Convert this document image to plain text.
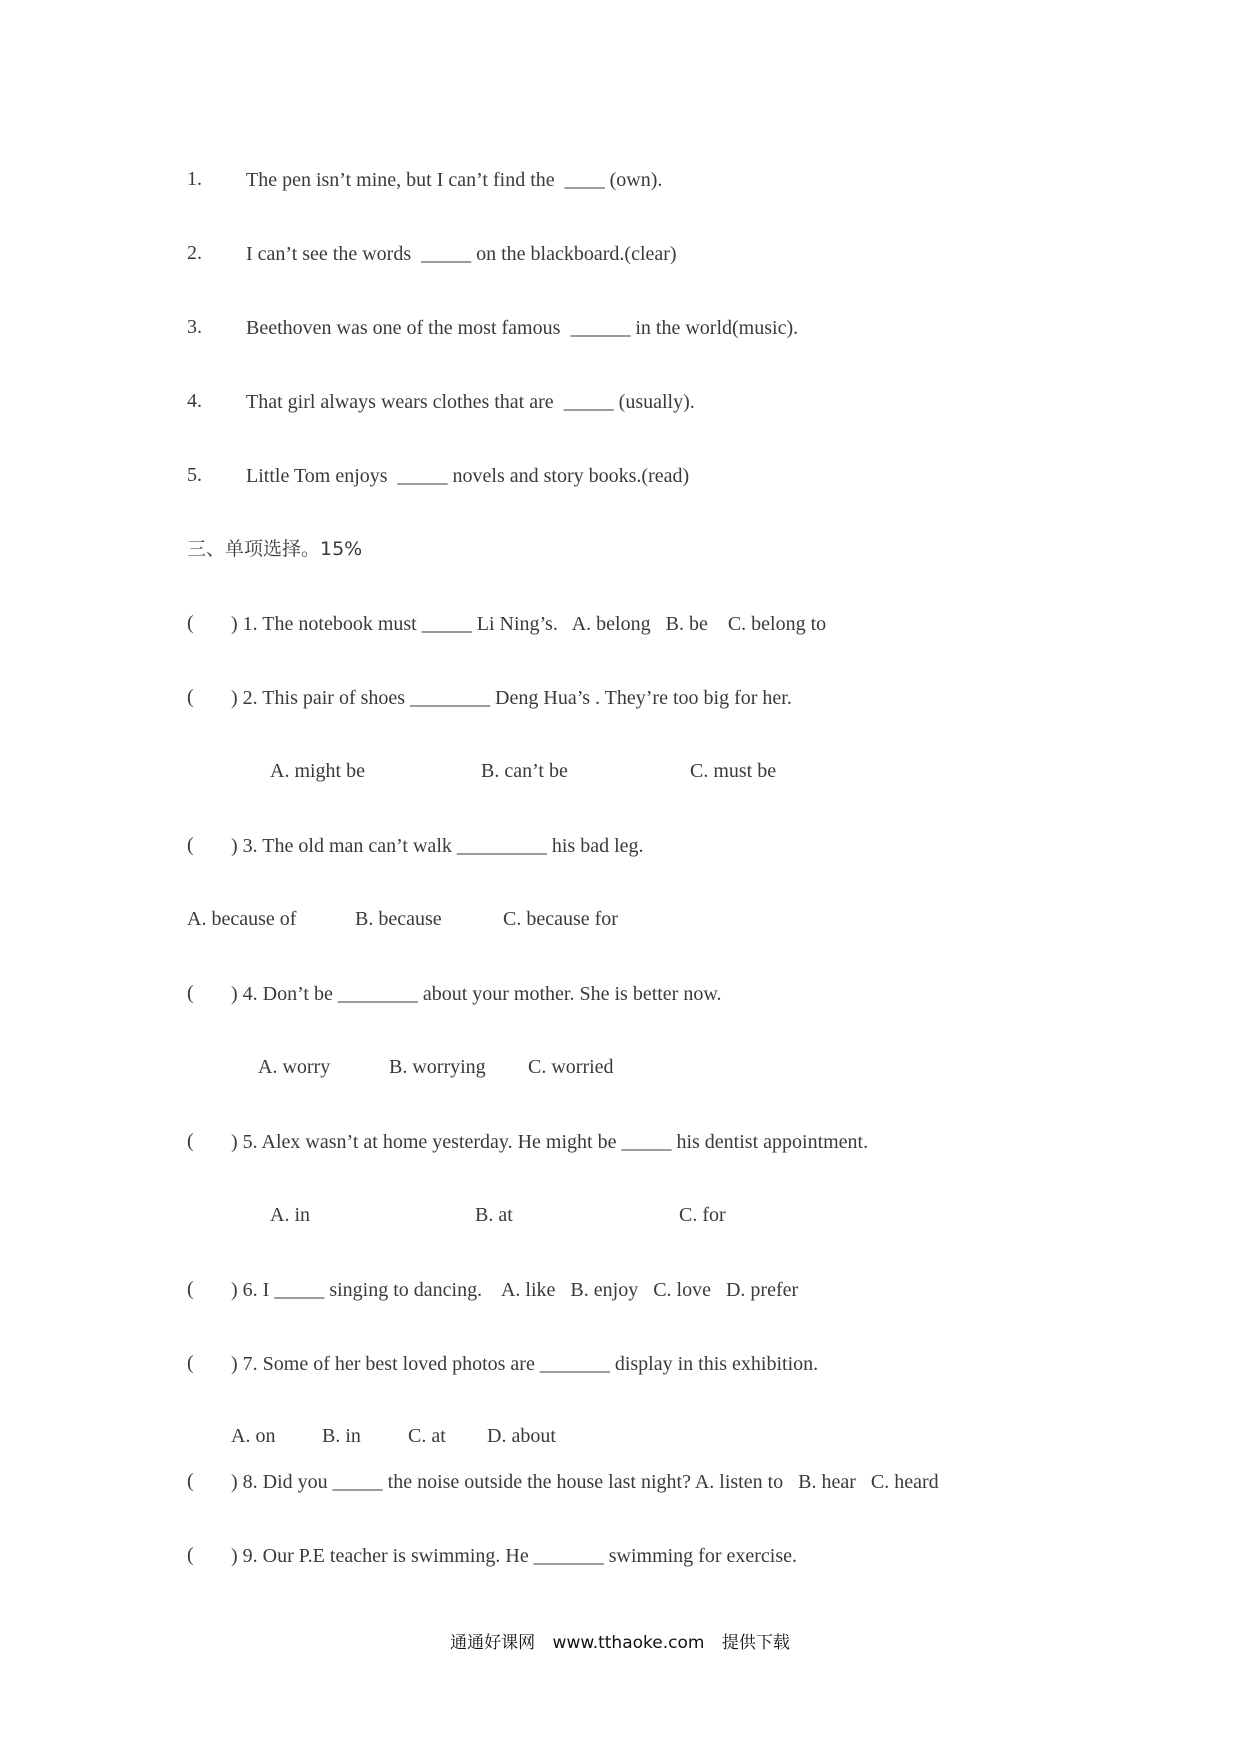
1. The pen isn’t mine, but I can’t find the  ____ (own).
2. I can’t see the words  _____ on the blackboard.(clear)
3. Beethoven was one of the most famous  ______ in the world(music).
4. That girl always wears clothes that are  _____ (usually).
5. Little Tom enjoys  _____ novels and story books.(read)
三、单项选择。15%
( ) 1. The notebook must _____ Li Ning’s.   A. belong   B. be    C. belong to
( ) 2. This pair of shoes ________ Deng Hua’s . They’re too big for her.
A. might be	B. can’t be	C. must be
( ) 3. The old man can’t walk _________ his bad leg.
A. because of	B. because	C. because for
( ) 4. Don’t be ________ about your mother. She is better now.
A. worry	B. worrying C. worried
( ) 5. Alex wasn’t at home yesterday. He might be _____ his dentist appointment.
A. in	B. at	C. for
( ) 6. I _____ singing to dancing.    A. like   B. enjoy   C. love   D. prefer
( ) 7. Some of her best loved photos are _______ display in this exhibition.
A. on B. in C. at D. about
( ) 8. Did you _____ the noise outside the house last night? A. listen to   B. hear   C. heard
( ) 9. Our P.E teacher is swimming. He _______ swimming for exercise.
通通好课网 www.tthaoke.com 提供下载
